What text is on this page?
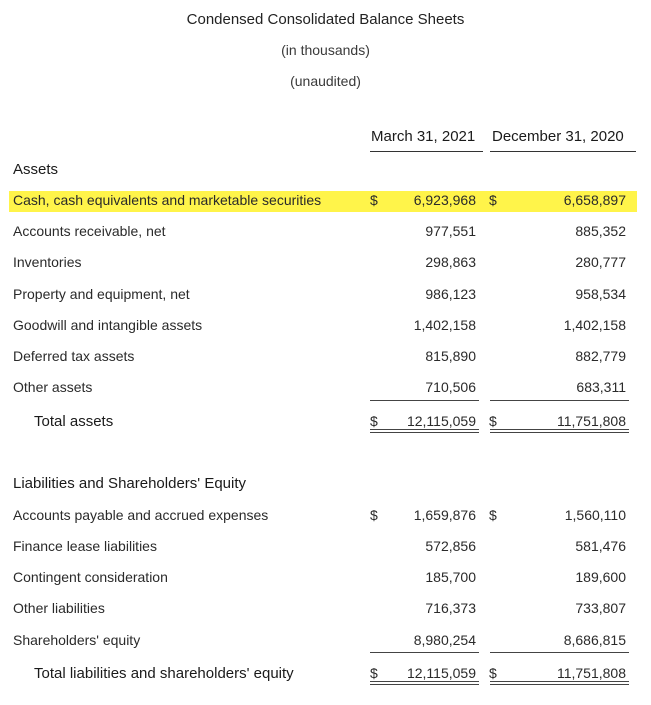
Condensed Consolidated Balance Sheets
(in thousands)
(unaudited)
March 31, 2021 December 31, 2020
Assets
Cash, cash equivalents and marketable securities	$	6,923,968 $	6,658,897
Accounts receivable, net	977,551	885,352
Inventories	298,863	280,777
Property and equipment, net	986,123	958,534
Goodwill and intangible assets	1,402,158	1,402,158
Deferred tax assets	815,890	882,779
Other assets	710,506	683,311
Total assets	$	12,115,059 $	11,751,808
Liabilities and Shareholders' Equity
Accounts payable and accrued expenses	$	1,659,876 $	1,560,110
Finance lease liabilities	572,856	581,476
Contingent consideration	185,700	189,600
Other liabilities	716,373	733,807
Shareholders' equity	8,980,254	8,686,815
Total liabilities and shareholders' equity	$	12,115,059 $	11,751,808
